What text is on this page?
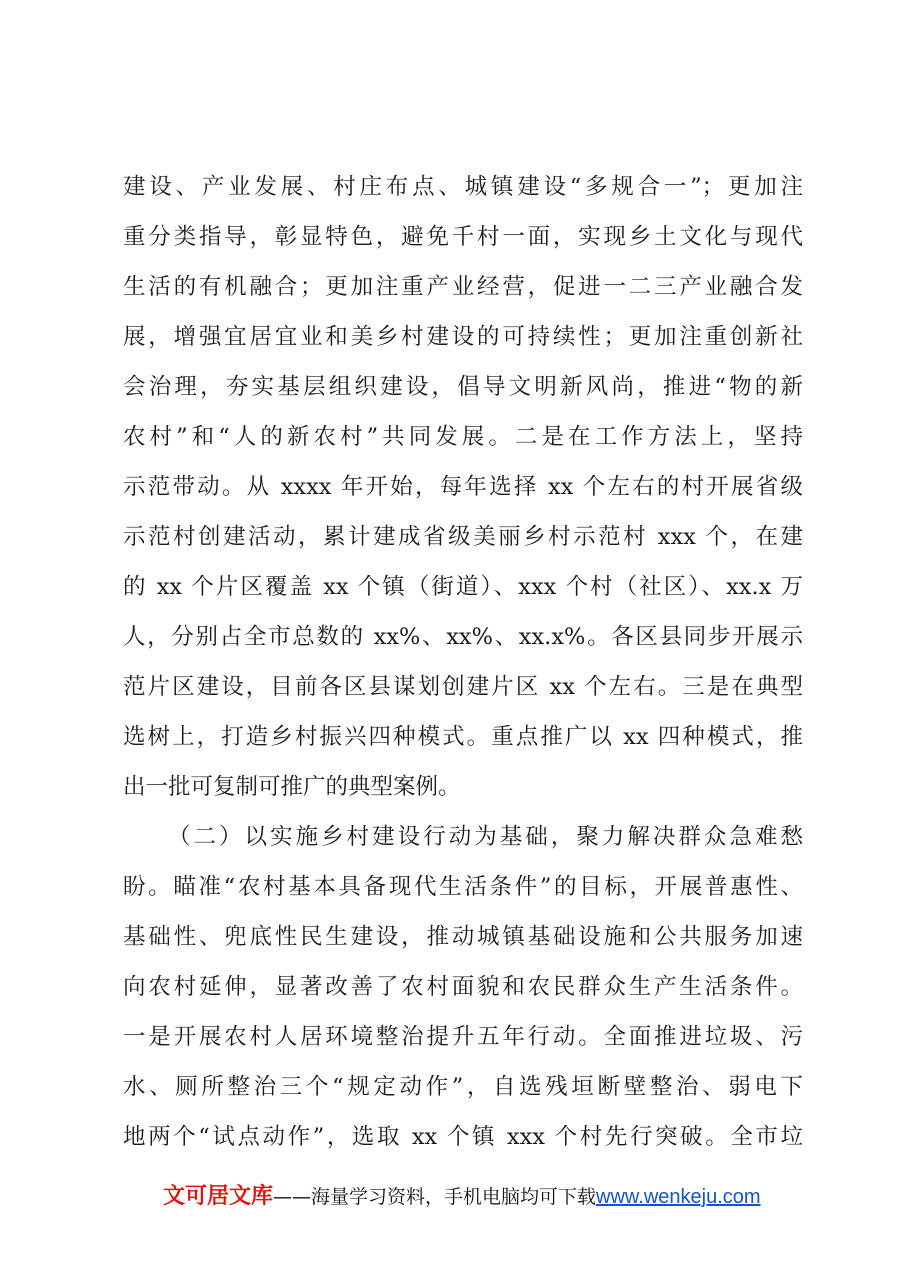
建设、产业发展、村庄布点、城镇建设“多规合一”；更加注
重分类指导，彰显特色，避免千村一面，实现乡土文化与现代
生活的有机融合；更加注重产业经营，促进一二三产业融合发
展，增强宜居宜业和美乡村建设的可持续性；更加注重创新社
会治理，夯实基层组织建设，倡导文明新风尚，推进“物的新
农村”和“人的新农村”共同发展。二是在工作方法上，坚持
示范带动。从 xxxx 年开始，每年选择 xx 个左右的村开展省级
示范村创建活动，累计建成省级美丽乡村示范村 xxx 个，在建
的 xx 个片区覆盖 xx 个镇（街道）、xxx 个村（社区）、xx.x 万
人，分别占全市总数的 xx%、xx%、xx.x%。各区县同步开展示
范片区建设，目前各区县谋划创建片区 xx 个左右。三是在典型
选树上，打造乡村振兴四种模式。重点推广以 xx 四种模式，推
出一批可复制可推广的典型案例。
（二）以实施乡村建设行动为基础，聚力解决群众急难愁
盼。瞄准“农村基本具备现代生活条件”的目标，开展普惠性、
基础性、兜底性民生建设，推动城镇基础设施和公共服务加速
向农村延伸，显著改善了农村面貌和农民群众生产生活条件。
一是开展农村人居环境整治提升五年行动。全面推进垃圾、污
水、厕所整治三个“规定动作”，自选残垣断壁整治、弱电下
地两个“试点动作”，选取 xx 个镇 xxx 个村先行突破。全市垃
文可居文库——海量学习资料，手机电脑均可下载www.wenkeju.com
